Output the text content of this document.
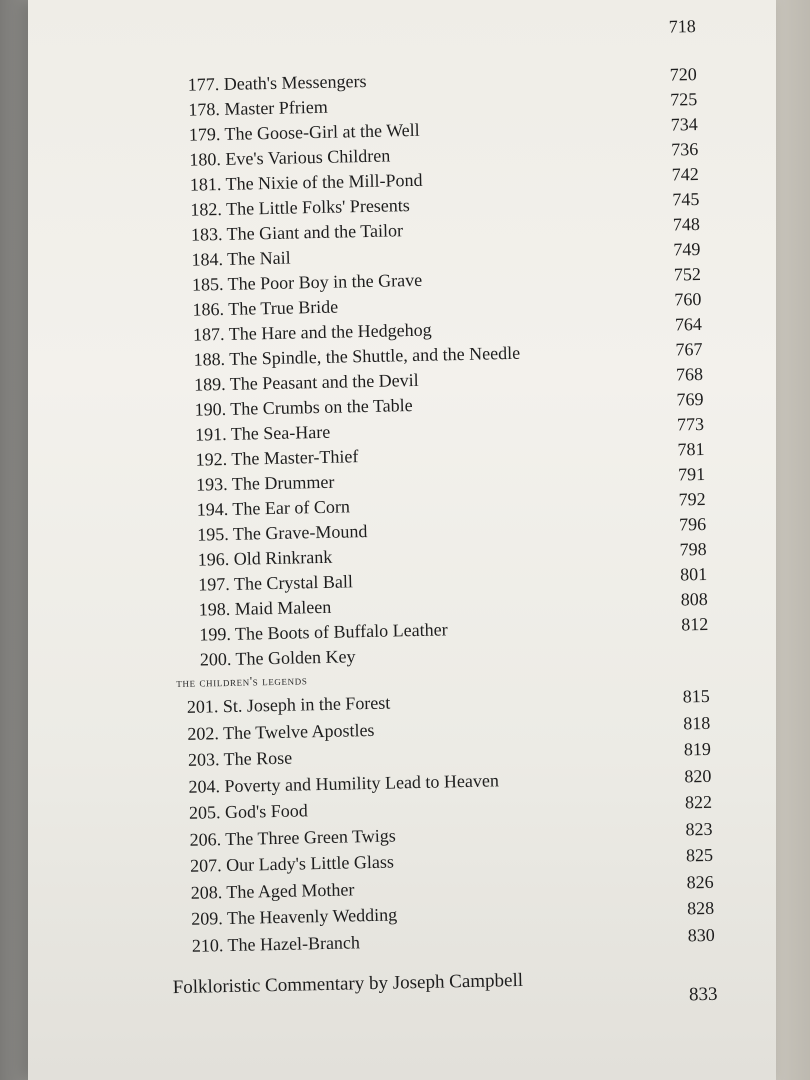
718
177. Death's Messengers	720
178. Master Pfriem	725
179. The Goose-Girl at the Well	734
180. Eve's Various Children	736
181. The Nixie of the Mill-Pond	742
182. The Little Folks' Presents	745
183. The Giant and the Tailor	748
184. The Nail	749
185. The Poor Boy in the Grave	752
186. The True Bride	760
187. The Hare and the Hedgehog	764
188. The Spindle, the Shuttle, and the Needle	767
189. The Peasant and the Devil	768
190. The Crumbs on the Table	769
191. The Sea-Hare	773
192. The Master-Thief	781
193. The Drummer	791
194. The Ear of Corn	792
195. The Grave-Mound	796
196. Old Rinkrank	798
197. The Crystal Ball	801
198. Maid Maleen	808
199. The Boots of Buffalo Leather	812
200. The Golden Key
the children's legends
201. St. Joseph in the Forest	815
202. The Twelve Apostles	818
203. The Rose	819
204. Poverty and Humility Lead to Heaven	820
205. God's Food	822
206. The Three Green Twigs	823
207. Our Lady's Little Glass	825
208. The Aged Mother	826
209. The Heavenly Wedding	828
210. The Hazel-Branch	830
Folkloristic Commentary by Joseph Campbell	833
